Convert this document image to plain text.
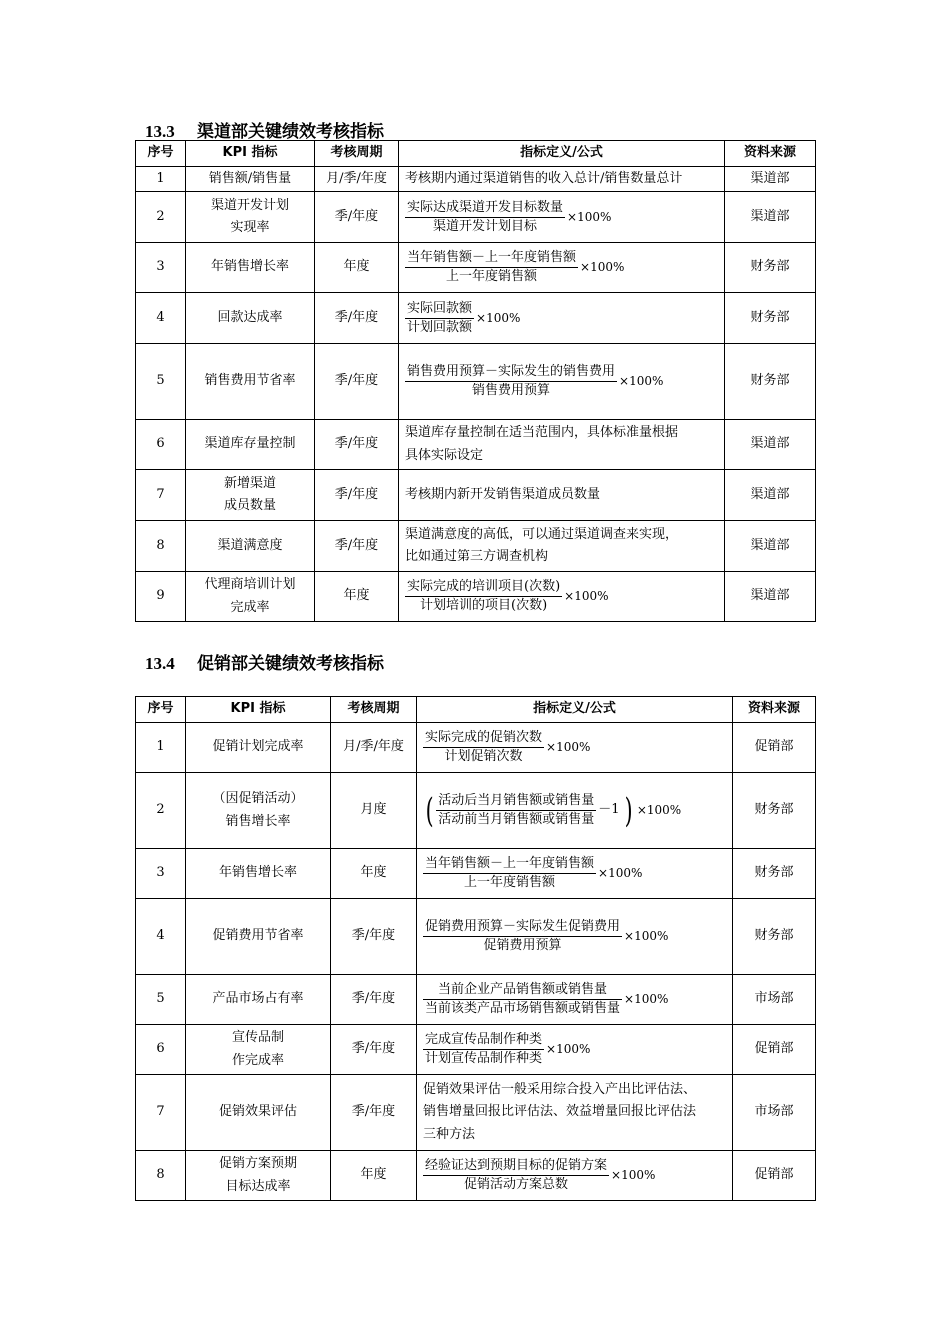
13.3 渠道部关键绩效考核指标
序号	KPI 指标	考核周期	指标定义/公式	资料来源
1	销售额/销售量	月/季/年度	考核期内通过渠道销售的收入总计/销售数量总计	渠道部
2	渠道开发计划
实现率	季/年度	$\frac{\text{实际达成渠道开发目标数量}}{\text{渠道开发计划目标}} \times 100\%$	渠道部
3	年销售增长率	年度	$\frac{\text{当年销售额－上一年度销售额}}{\text{上一年度销售额}} \times 100\%$	财务部
4	回款达成率	季/年度	$\frac{\text{实际回款额}}{\text{计划回款额}} \times 100\%$	财务部
5	销售费用节省率	季/年度	$\frac{\text{销售费用预算－实际发生的销售费用}}{\text{销售费用预算}} \times 100\%$	财务部
6	渠道库存量控制	季/年度	渠道库存量控制在适当范围内，具体标准量根据
具体实际设定	渠道部
7	新增渠道
成员数量	季/年度	考核期内新开发销售渠道成员数量	渠道部
8	渠道满意度	季/年度	渠道满意度的高低，可以通过渠道调查来实现，
比如通过第三方调查机构	渠道部
9	代理商培训计划
完成率	年度	$\frac{\text{实际完成的培训项目(次数)}}{\text{计划培训的项目(次数)}} \times 100\%$	渠道部
13.4 促销部关键绩效考核指标
序号	KPI 指标	考核周期	指标定义/公式	资料来源
1	促销计划完成率	月/季/年度	$\frac{\text{实际完成的促销次数}}{\text{计划促销次数}} \times 100\%$	促销部
2	（因促销活动）
销售增长率	月度	( $\frac{\text{活动后当月销售额或销售量}}{\text{活动前当月销售额或销售量}} -1$ ) ×100%	财务部
3	年销售增长率	年度	$\frac{\text{当年销售额－上一年度销售额}}{\text{上一年度销售额}} \times 100\%$	财务部
4	促销费用节省率	季/年度	$\frac{\text{促销费用预算－实际发生促销费用}}{\text{促销费用预算}} \times 100\%$	财务部
5	产品市场占有率	季/年度	$\frac{\text{当前企业产品销售额或销售量}}{\text{当前该类产品市场销售额或销售量}} \times 100\%$	市场部
6	宣传品制
作完成率	季/年度	$\frac{\text{完成宣传品制作种类}}{\text{计划宣传品制作种类}} \times 100\%$	促销部
7	促销效果评估	季/年度	促销效果评估一般采用综合投入产出比评估法、
销售增量回报比评估法、效益增量回报比评估法
三种方法	市场部
8	促销方案预期
目标达成率	年度	$\frac{\text{经验证达到预期目标的促销方案}}{\text{促销活动方案总数}} \times 100\%$	促销部
